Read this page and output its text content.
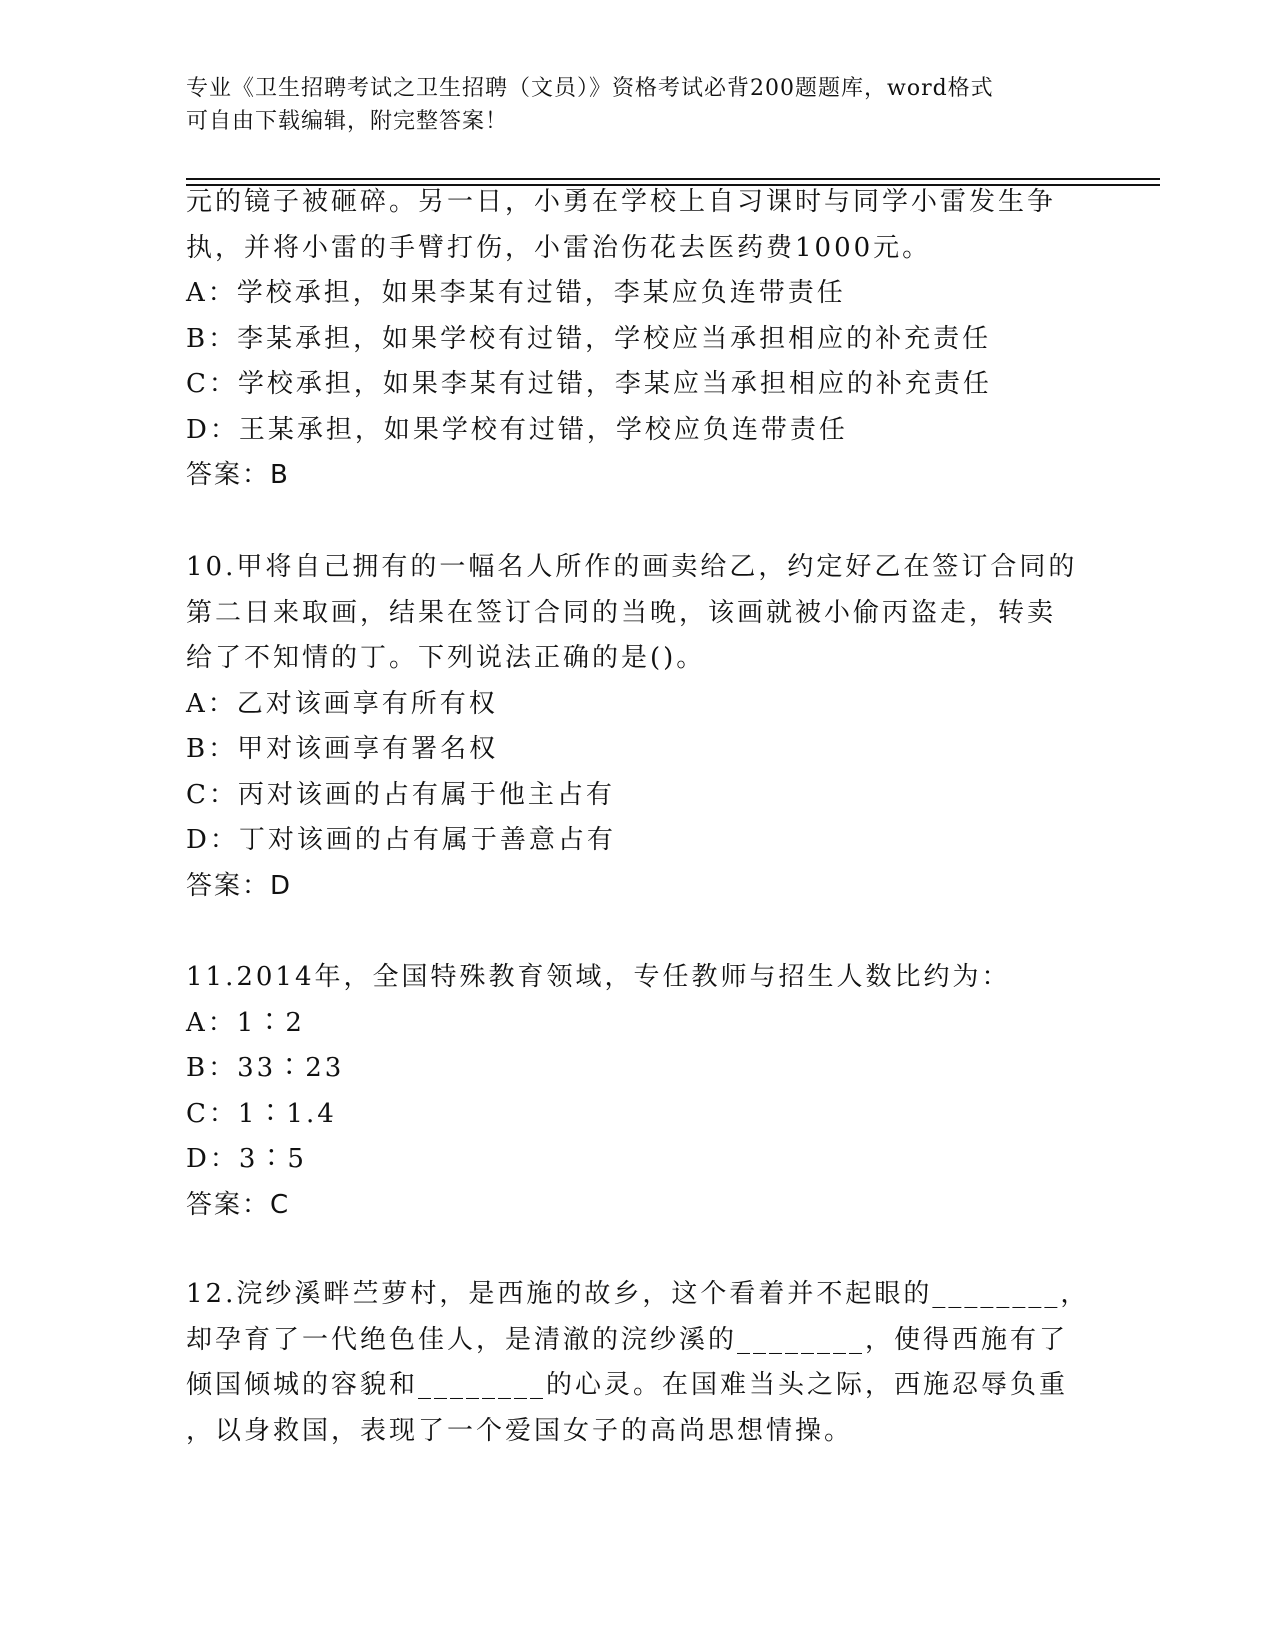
专业《卫生招聘考试之卫生招聘（文员）》资格考试必背200题题库，word格式
可自由下载编辑，附完整答案！
元的镜子被砸碎。另一日，小勇在学校上自习课时与同学小雷发生争
执，并将小雷的手臂打伤，小雷治伤花去医药费1000元。
A：学校承担，如果李某有过错，李某应负连带责任
B：李某承担，如果学校有过错，学校应当承担相应的补充责任
C：学校承担，如果李某有过错，李某应当承担相应的补充责任
D：王某承担，如果学校有过错，学校应负连带责任
答案：B
10.甲将自己拥有的一幅名人所作的画卖给乙，约定好乙在签订合同的
第二日来取画，结果在签订合同的当晚，该画就被小偷丙盗走，转卖
给了不知情的丁。下列说法正确的是()。
A：乙对该画享有所有权
B：甲对该画享有署名权
C：丙对该画的占有属于他主占有
D：丁对该画的占有属于善意占有
答案：D
11.2014年，全国特殊教育领域，专任教师与招生人数比约为：
A：1∶2
B：33∶23
C：1∶1.4
D：3∶5
答案：C
12.浣纱溪畔苎萝村，是西施的故乡，这个看着并不起眼的________，
却孕育了一代绝色佳人，是清澈的浣纱溪的________，使得西施有了
倾国倾城的容貌和________的心灵。在国难当头之际，西施忍辱负重
，以身救国，表现了一个爱国女子的高尚思想情操。
